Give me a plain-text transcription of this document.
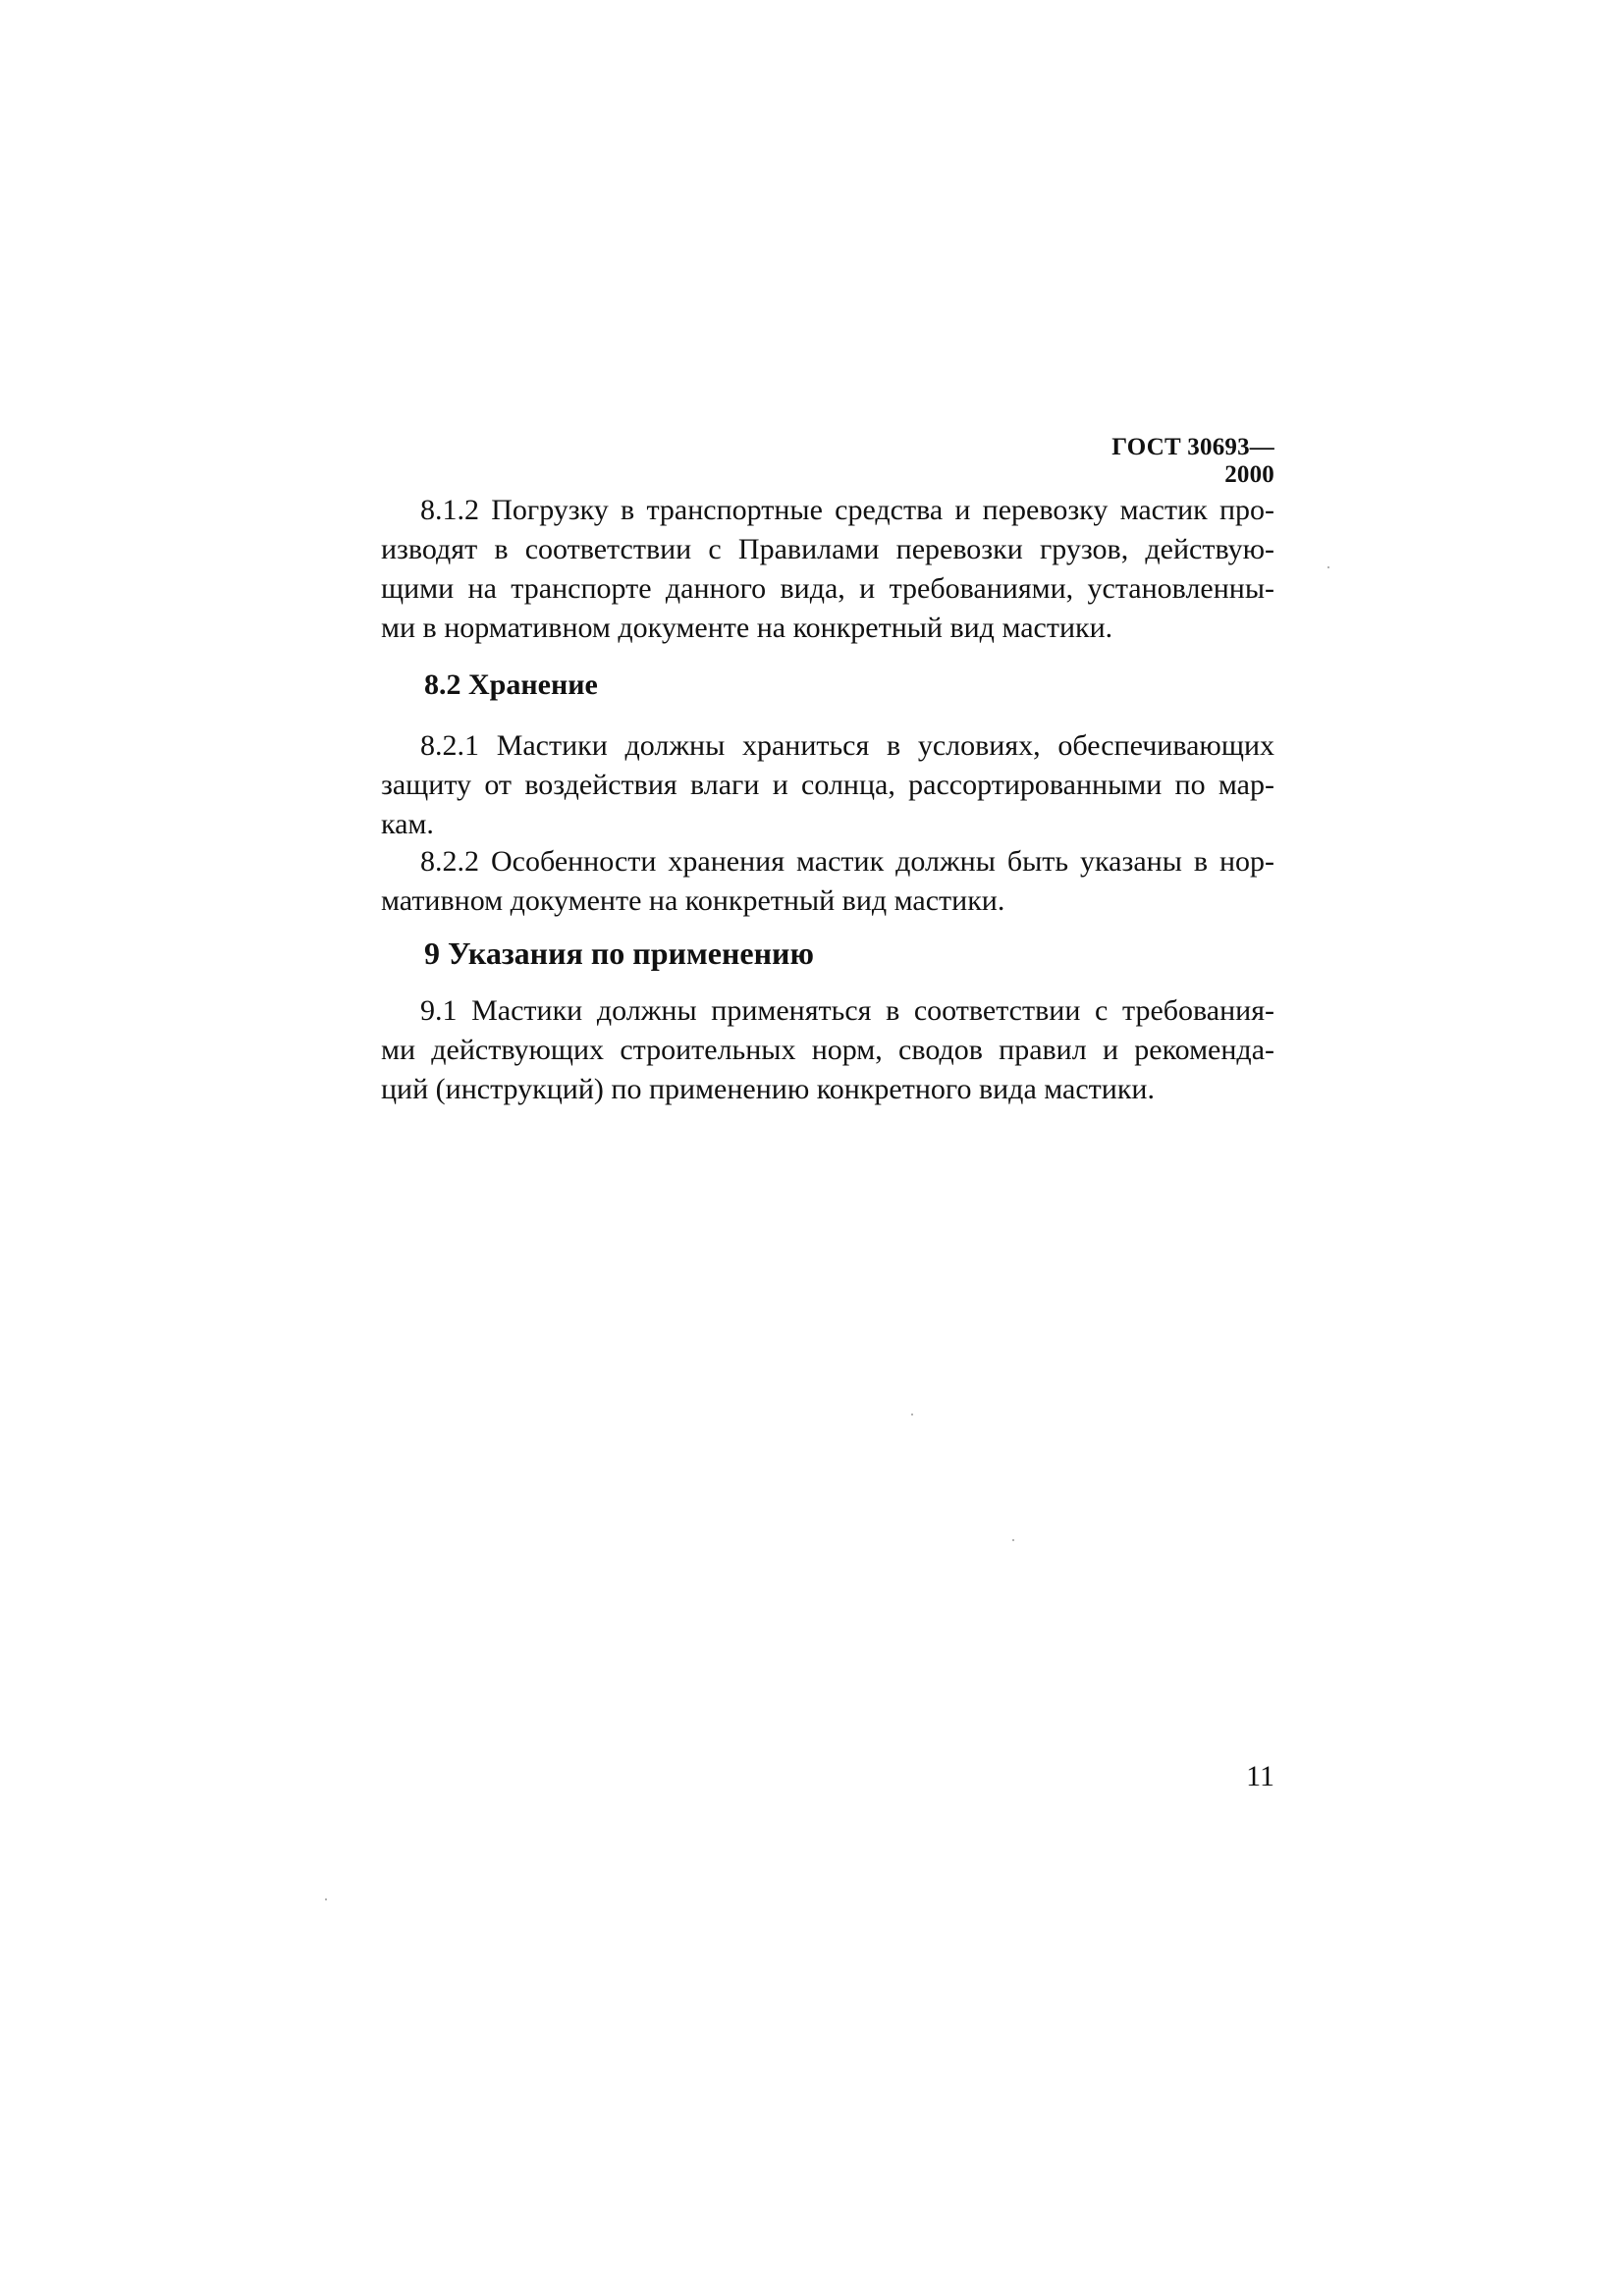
ГОСТ 30693—2000
8.1.2 Погрузку в транспортные средства и перевозку мастик про-
изводят в соответствии с Правилами перевозки грузов, действую-
щими на транспорте данного вида, и требованиями, установленны-
ми в нормативном документе на конкретный вид мастики.
8.2 Хранение
8.2.1 Мастики должны храниться в условиях, обеспечивающих
защиту от воздействия влаги и солнца, рассортированными по мар-
кам.
8.2.2 Особенности хранения мастик должны быть указаны в нор-
мативном документе на конкретный вид мастики.
9 Указания по применению
9.1 Мастики должны применяться в соответствии с требования-
ми действующих строительных норм, сводов правил и рекоменда-
ций (инструкций) по применению конкретного вида мастики.
11
